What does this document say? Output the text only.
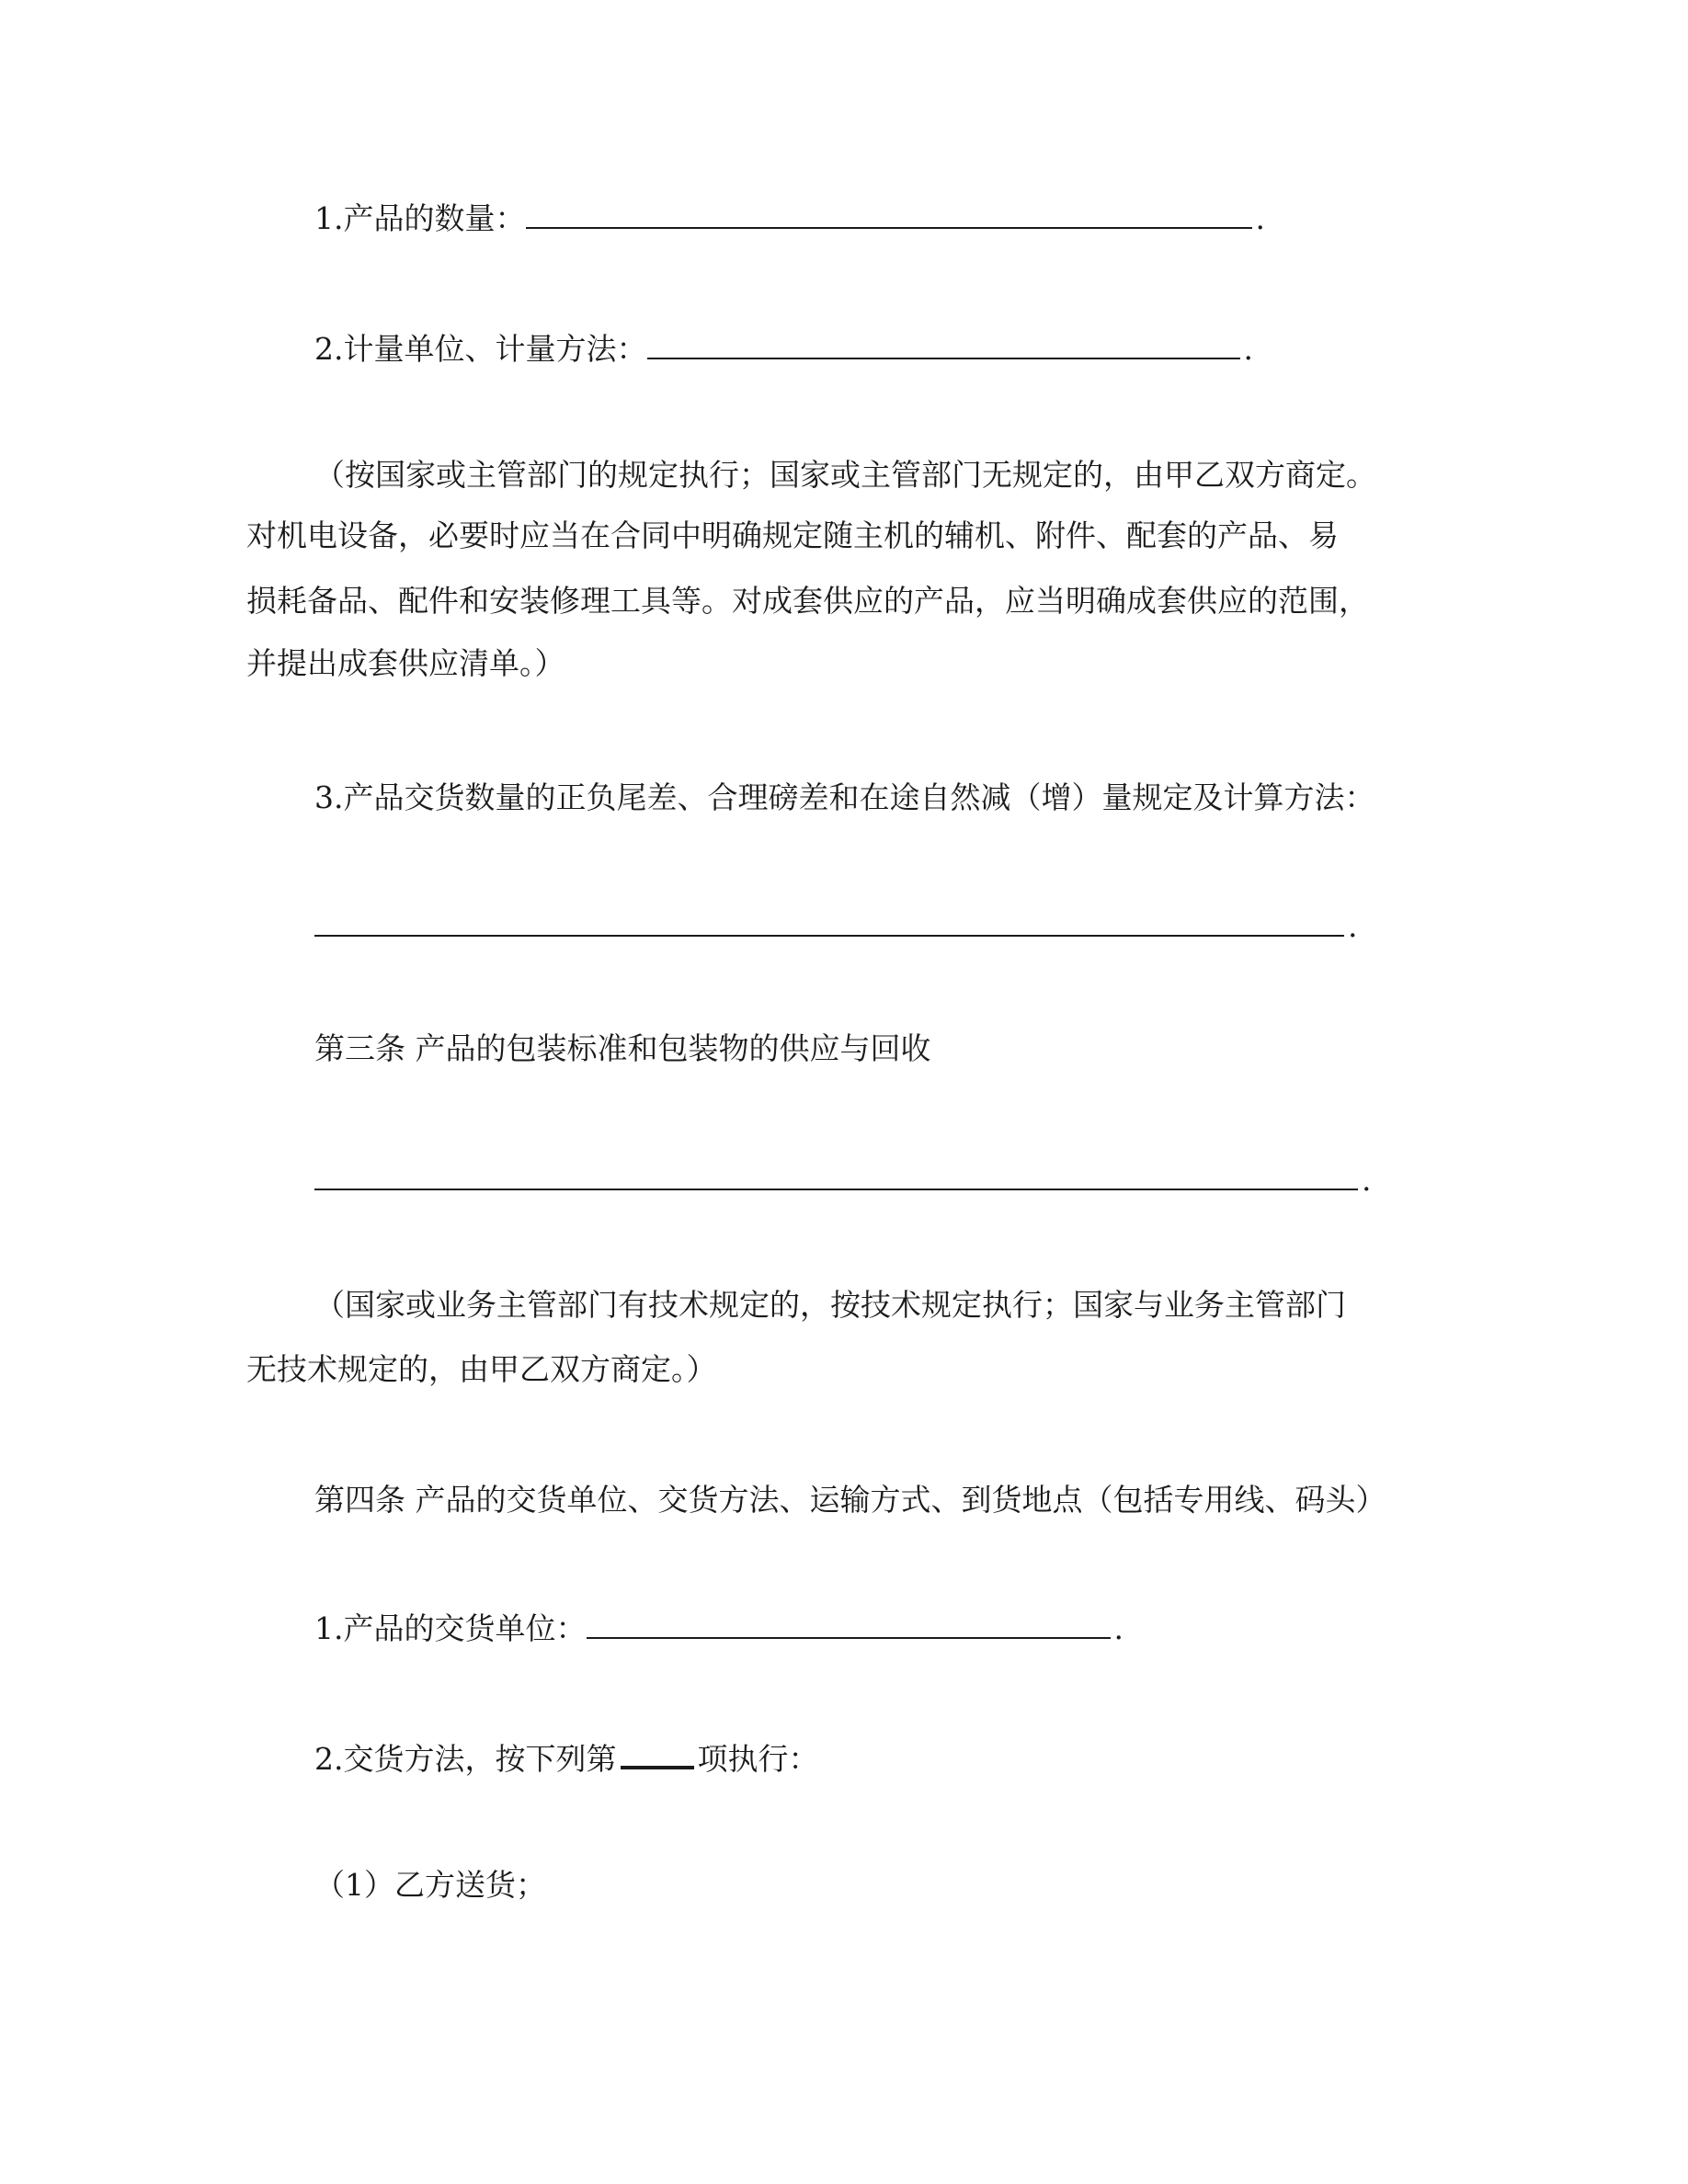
1.产品的数量：	.
2.计量单位、计量方法：	.
（按国家或主管部门的规定执行；国家或主管部门无规定的，由甲乙双方商定。
对机电设备，必要时应当在合同中明确规定随主机的辅机、附件、配套的产品、易
损耗备品、配件和安装修理工具等。对成套供应的产品，应当明确成套供应的范围，
并提出成套供应清单。）
3.产品交货数量的正负尾差、合理磅差和在途自然减（增）量规定及计算方法：
.
第三条 产品的包装标准和包装物的供应与回收
.
（国家或业务主管部门有技术规定的，按技术规定执行；国家与业务主管部门
无技术规定的，由甲乙双方商定。）
第四条 产品的交货单位、交货方法、运输方式、到货地点（包括专用线、码头）
1.产品的交货单位：	.
2.交货方法，按下列第	项执行：
（1）乙方送货；
